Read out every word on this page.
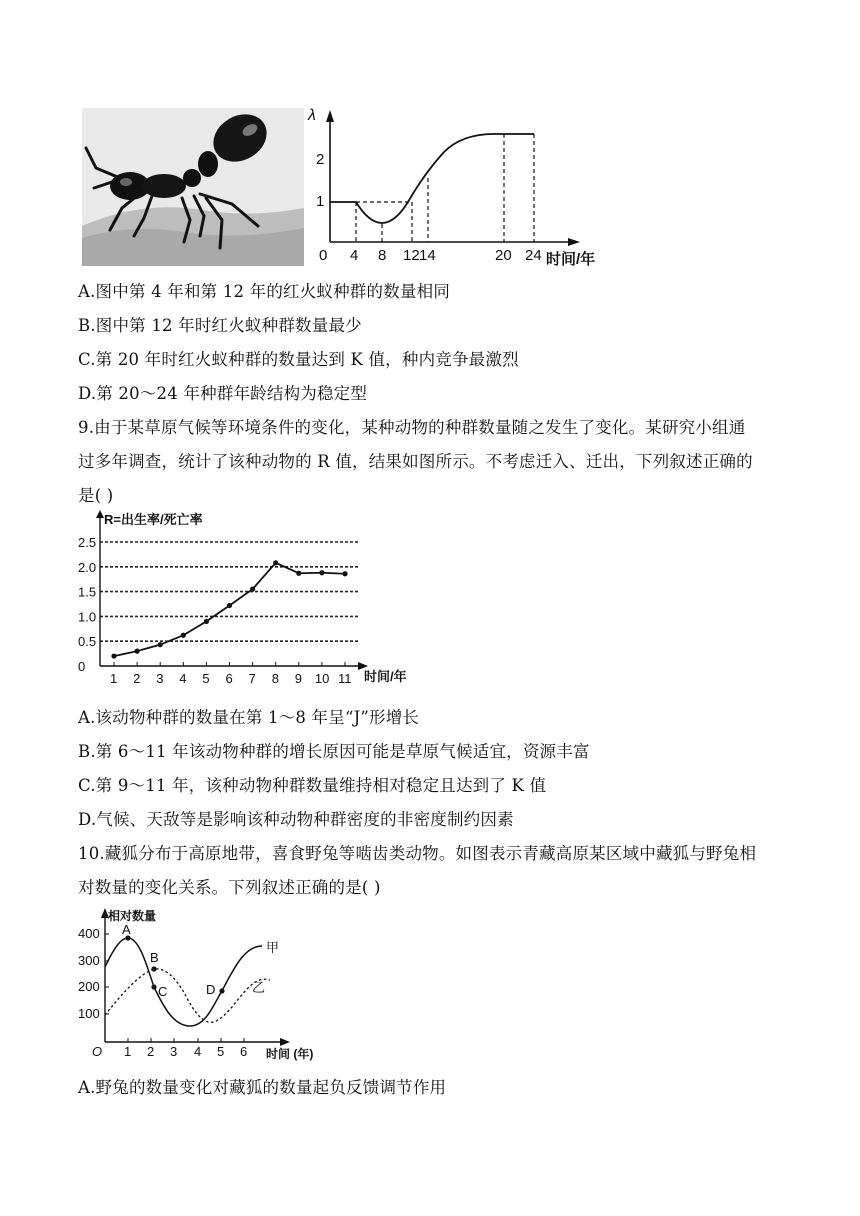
λ
1
2
0 4 8 12 14	20 24 时间/年
A.图中第 4 年和第 12 年的红火蚁种群的数量相同
B.图中第 12 年时红火蚁种群数量最少
C.第 20 年时红火蚁种群的数量达到 K 值，种内竞争最激烈
D.第 20～24 年种群年龄结构为稳定型
9.由于某草原气候等环境条件的变化，某种动物的种群数量随之发生了变化。某研究小组通
过多年调查，统计了该种动物的 R 值，结果如图所示。不考虑迁入、迁出，下列叙述正确的
是( )
R=出生率/死亡率
时间/年
0
0.5
1.0
1.5
2.0
2.5
1 2 3 4 5 6 7 8 9 10 11
A.该动物种群的数量在第 1～8 年呈“J”形增长
B.第 6～11 年该动物种群的增长原因可能是草原气候适宜，资源丰富
C.第 9～11 年，该种动物种群数量维持相对稳定且达到了 K 值
D.气候、天敌等是影响该种动物种群密度的非密度制约因素
10.藏狐分布于高原地带，喜食野兔等啮齿类动物。如图表示青藏高原某区域中藏狐与野兔相
对数量的变化关系。下列叙述正确的是( )
相对数量
O	时间 (年)
100
200
300
400
1 2 3 4 5 6
A
B
C	D
甲
乙
A.野兔的数量变化对藏狐的数量起负反馈调节作用
